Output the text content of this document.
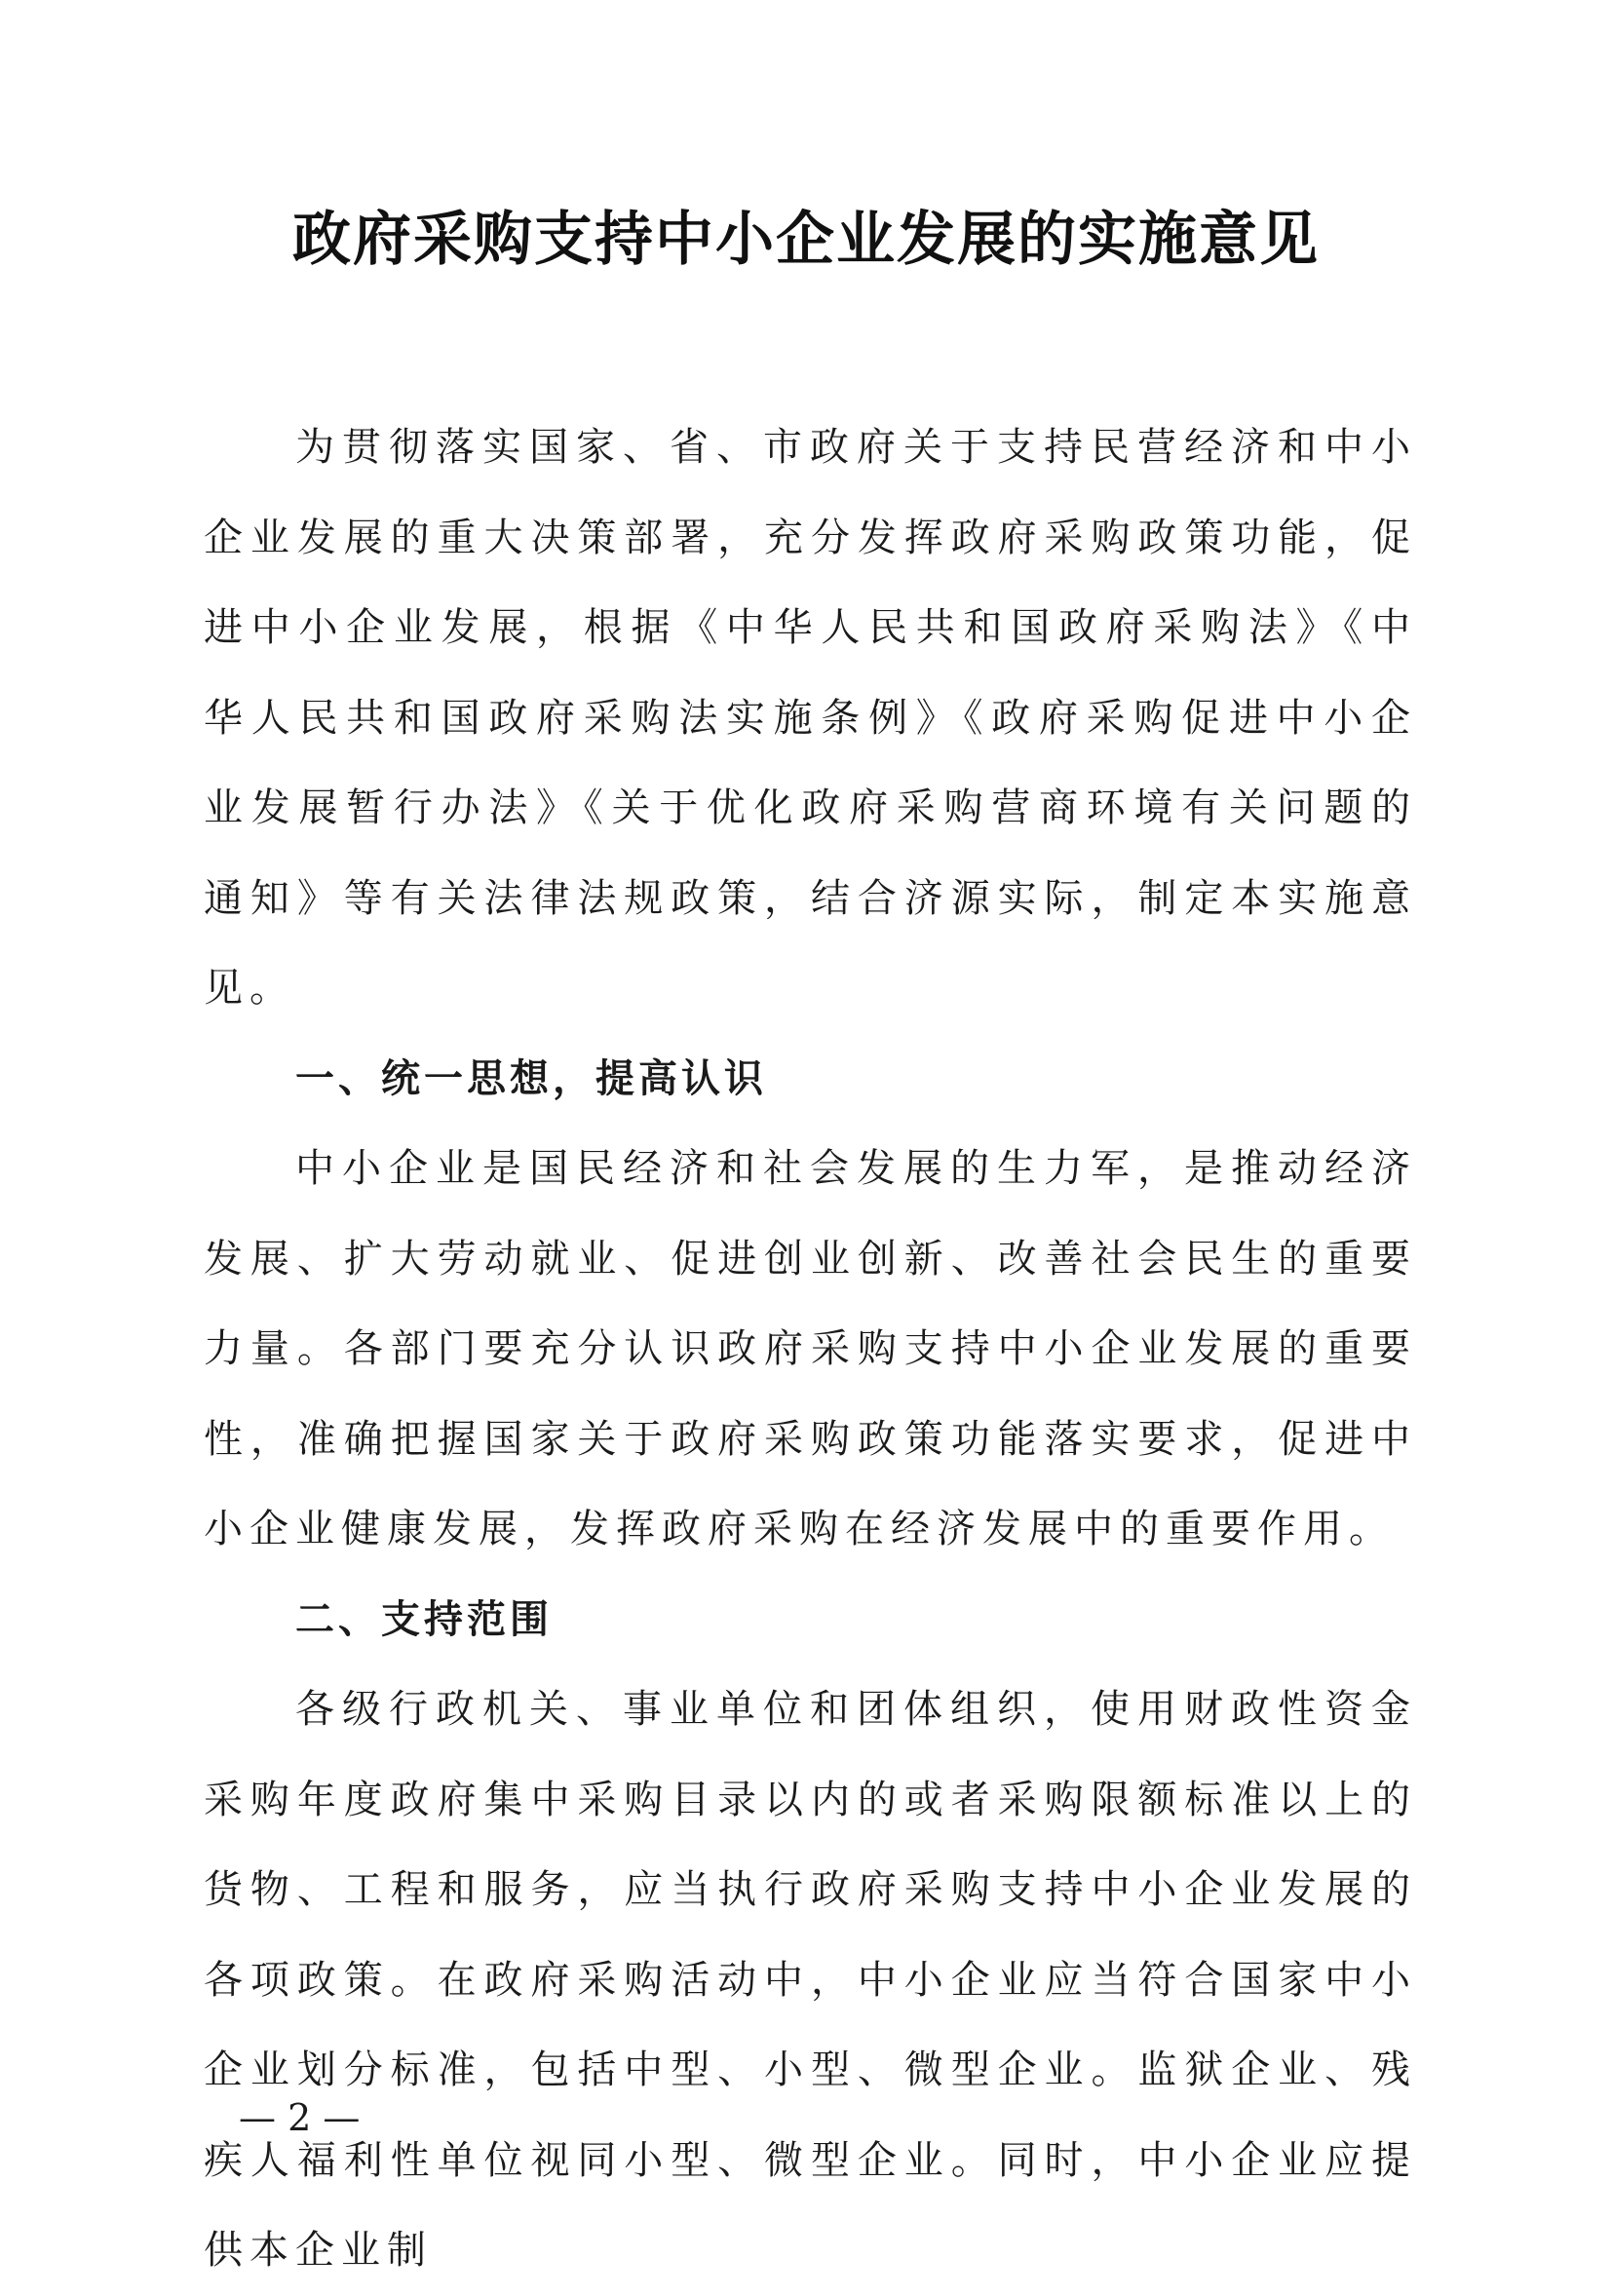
政府采购支持中小企业发展的实施意见

为贯彻落实国家、省、市政府关于支持民营经济和中小企业发展的重大决策部署，充分发挥政府采购政策功能，促进中小企业发展，根据《中华人民共和国政府采购法》《中华人民共和国政府采购法实施条例》《政府采购促进中小企业发展暂行办法》《关于优化政府采购营商环境有关问题的通知》等有关法律法规政策，结合济源实际，制定本实施意见。

一、统一思想，提高认识

中小企业是国民经济和社会发展的生力军，是推动经济发展、扩大劳动就业、促进创业创新、改善社会民生的重要力量。各部门要充分认识政府采购支持中小企业发展的重要性，准确把握国家关于政府采购政策功能落实要求，促进中小企业健康发展，发挥政府采购在经济发展中的重要作用。

二、支持范围

各级行政机关、事业单位和团体组织，使用财政性资金采购年度政府集中采购目录以内的或者采购限额标准以上的货物、工程和服务，应当执行政府采购支持中小企业发展的各项政策。在政府采购活动中，中小企业应当符合国家中小企业划分标准，包括中型、小型、微型企业。监狱企业、残疾人福利性单位视同小型、微型企业。同时，中小企业应提供本企业制

— 2 —
